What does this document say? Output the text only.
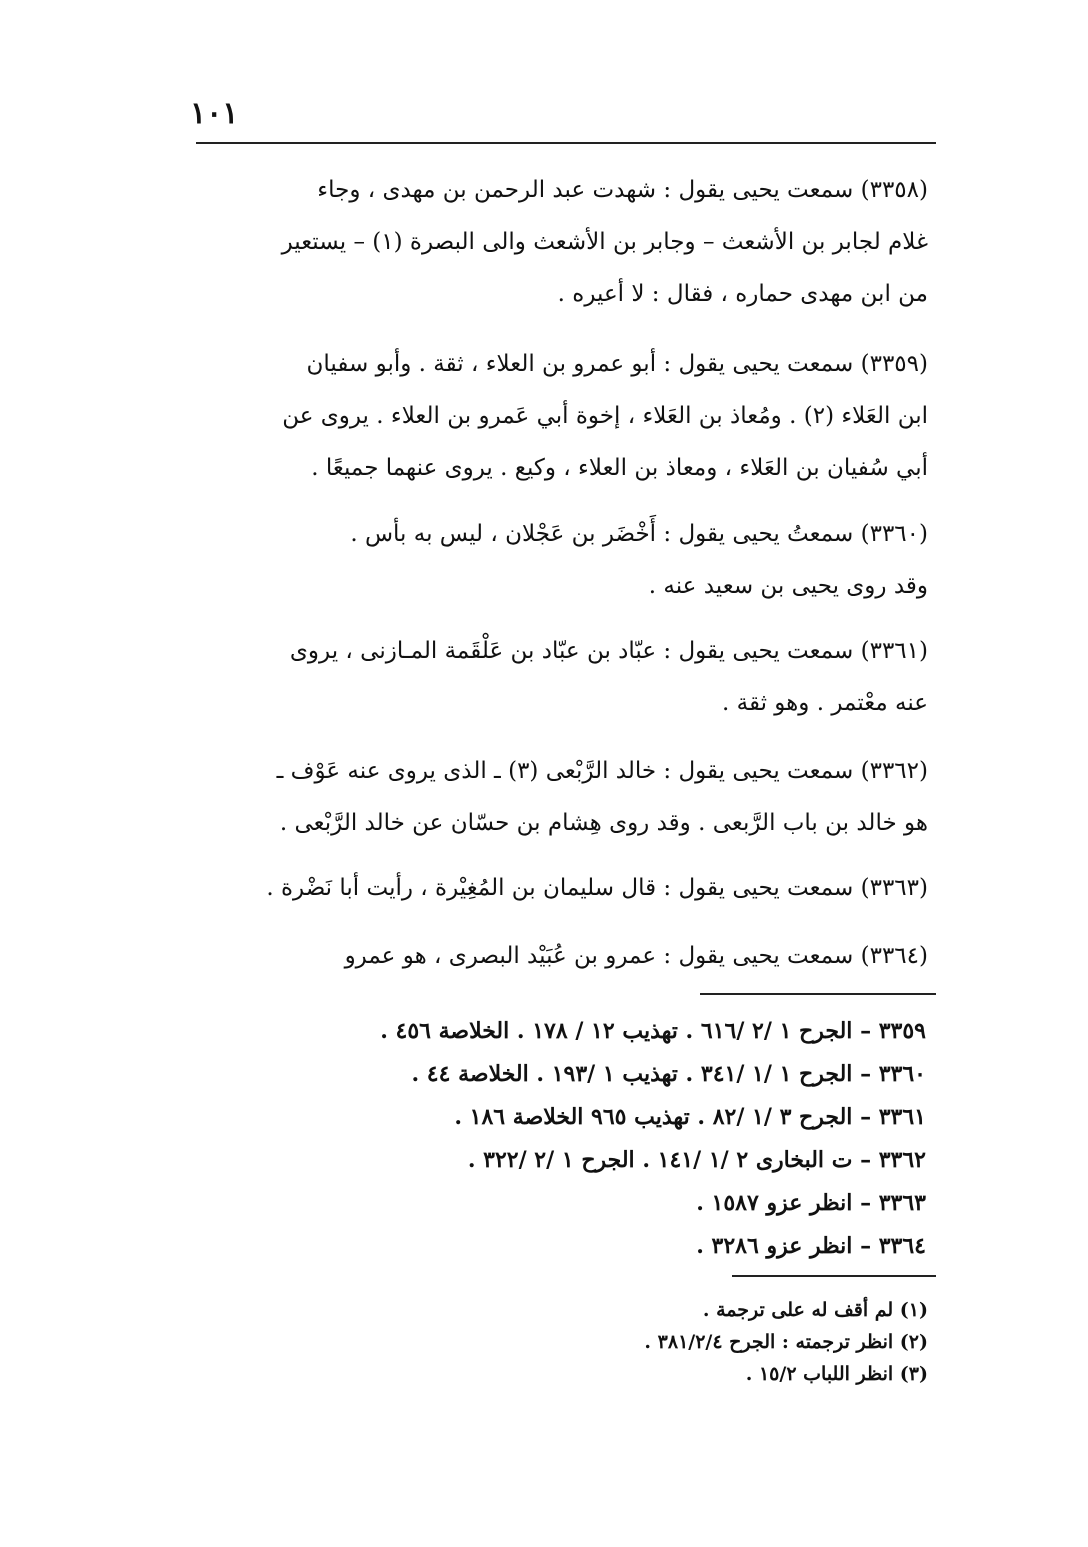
١٠١
(٣٣٥٨) سمعت يحيى يقول : شهدت عبد الرحمن بن مهدى ، وجاء
غلام لجابر بن الأشعث – وجابر بن الأشعث والى البصرة (١) – يستعير
من ابن مهدى حماره ، فقال : لا أعيره .
(٣٣٥٩) سمعت يحيى يقول : أبو عمرو بن العلاء ، ثقة . وأبو سفيان
ابن العَلاء (٢) . ومُعاذ بن العَلاء ، إخوة أبي عَمرو بن العلاء . يروى عن
أبي سُفيان بن العَلاء ، ومعاذ بن العلاء ، وكيع . يروى عنهما جميعًا .
(٣٣٦٠) سمعتُ يحيى يقول : أَخْضَر بن عَجْلان ، ليس به بأس .
وقد روى يحيى بن سعيد عنه .
(٣٣٦١) سمعت يحيى يقول : عبّاد بن عبّاد بن عَلْقَمة المـازنى ، يروى
عنه معْتمر . وهو ثقة .
(٣٣٦٢) سمعت يحيى يقول : خالد الرَّبْعى (٣) ـ الذى يروى عنه عَوْف ـ
هو خالد بن باب الرَّبعى . وقد روى هِشام بن حسّان عن خالد الرَّبْعى .
(٣٣٦٣) سمعت يحيى يقول : قال سليمان بن المُغِيْرة ، رأيت أبا نَضْرة .
(٣٣٦٤) سمعت يحيى يقول : عمرو بن عُبَيْد البصرى ، هو عمرو
٣٣٥٩ – الجرح ١ /٢ /٦١٦ . تهذيب ١٢ / ١٧٨ . الخلاصة ٤٥٦ .
٣٣٦٠ – الجرح ١ /١ /٣٤١ . تهذيب ١ /١٩٣ . الخلاصة ٤٤ .
٣٣٦١ – الجرح ٣ /١ /٨٢ . تهذيب ٩٦٥ الخلاصة ١٨٦ .
٣٣٦٢ – ت البخارى ٢ /١ /١٤١ . الجرح ١ /٢ /٣٢٢ .
٣٣٦٣ – انظر عزو ١٥٨٧ .
٣٣٦٤ – انظر عزو ٣٢٨٦ .
(١) لم أقف له على ترجمة .
(٢) انظر ترجمته : الجرح ٣٨١/٢/٤ .
(٣) انظر اللباب ١٥/٢ .
